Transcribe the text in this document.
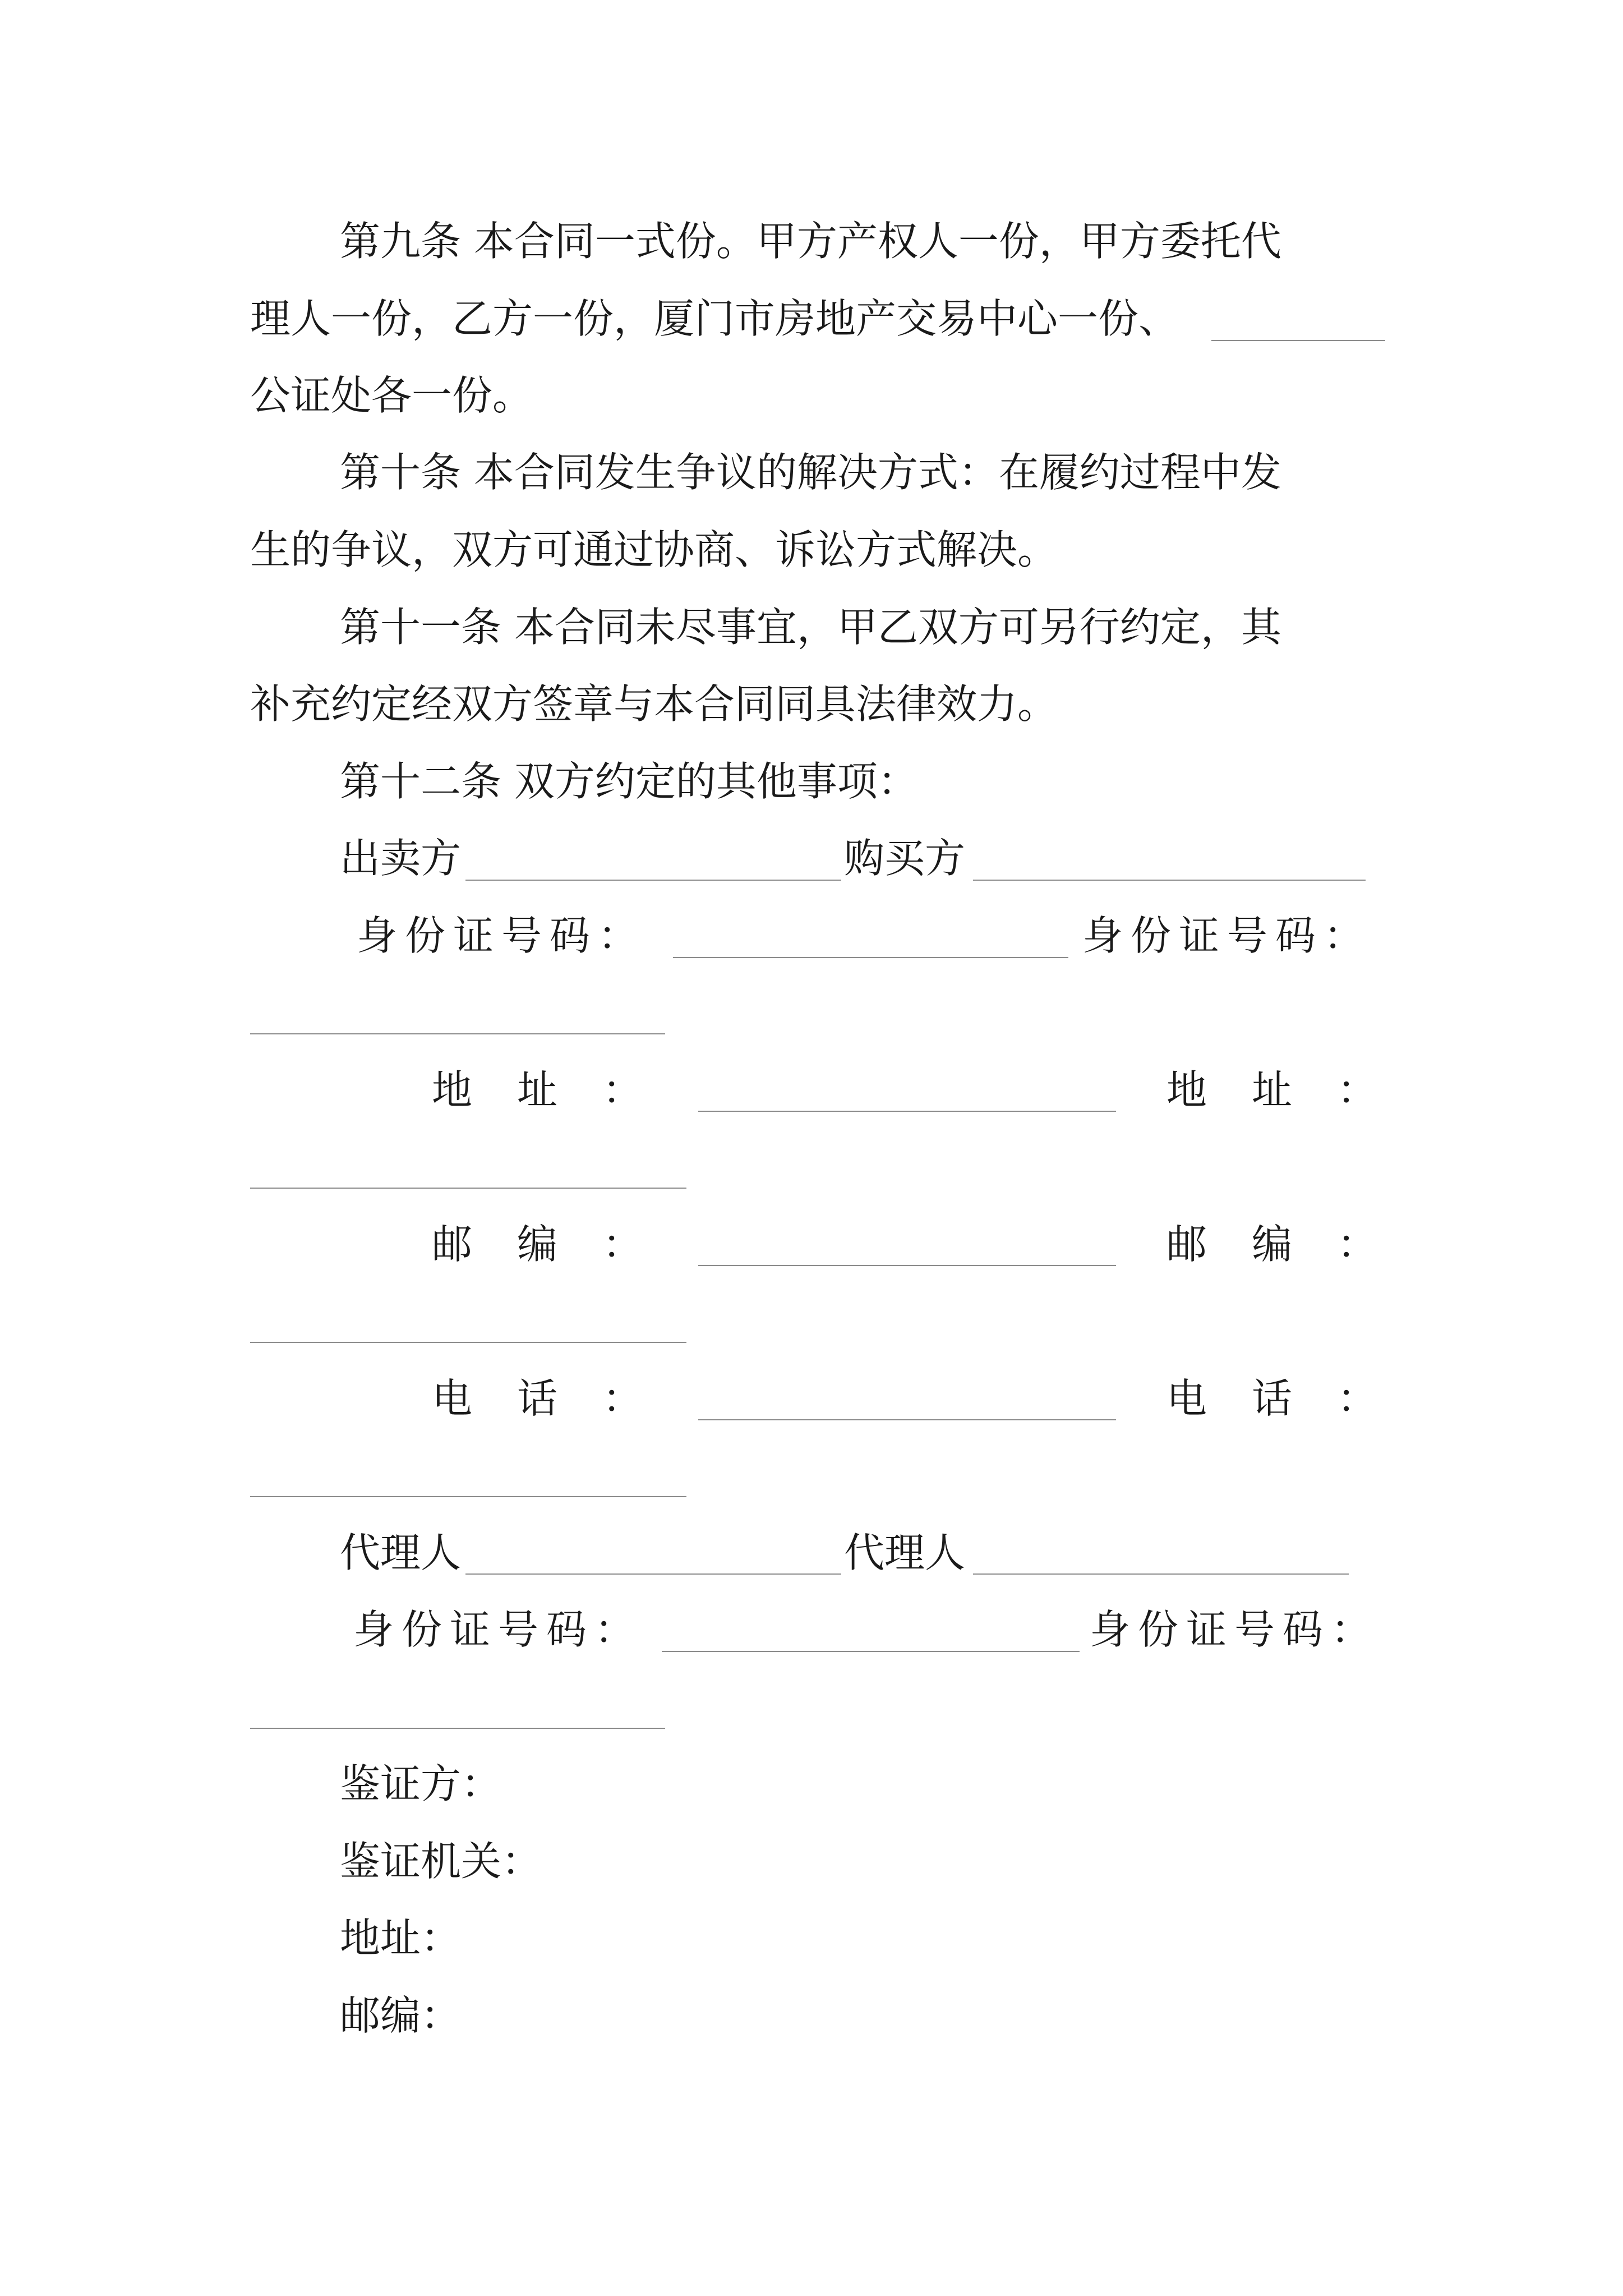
第九条 本合同一式份。甲方产权人一份，甲方委托代
理人一份，乙方一份，厦门市房地产交易中心一份、
公证处各一份。
第十条 本合同发生争议的解决方式：在履约过程中发
生的争议，双方可通过协商、诉讼方式解决。
第十一条 本合同未尽事宜，甲乙双方可另行约定，其
补充约定经双方签章与本合同同具法律效力。
第十二条 双方约定的其他事项：
出卖方	购买方
身份证号码：	身份证号码：
地址：	地址：
邮编：	邮编：
电话：	电话：
代理人	代理人
身份证号码：	身份证号码：
鉴证方：
鉴证机关：
地址：
邮编：
